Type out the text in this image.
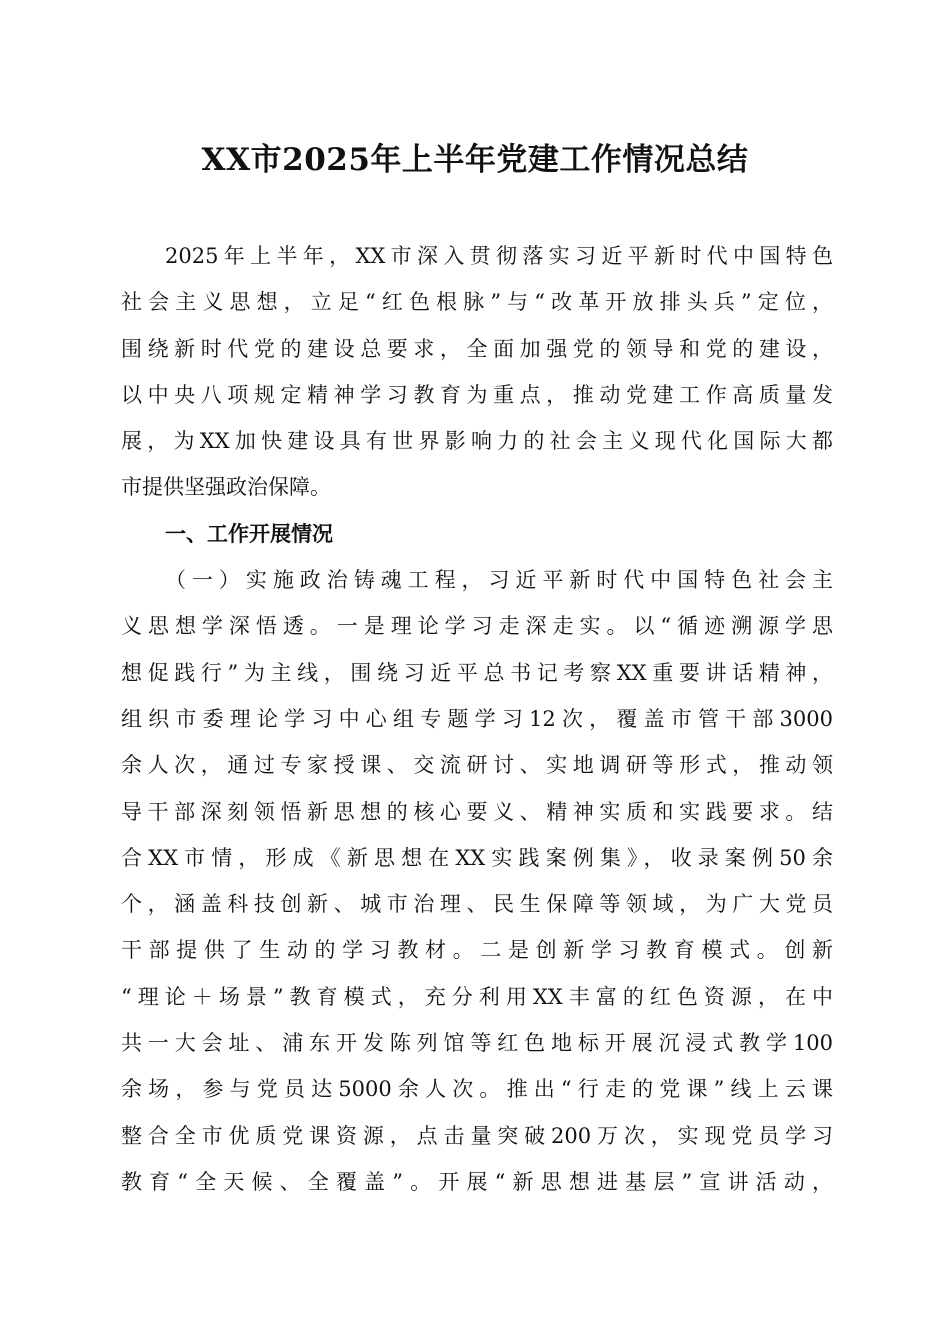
XX市2025年上半年党建工作情况总结
2025年上半年，XX市深入贯彻落实习近平新时代中国特色
社会主义思想，立足“红色根脉”与“改革开放排头兵”定位，
围绕新时代党的建设总要求，全面加强党的领导和党的建设，
以中央八项规定精神学习教育为重点，推动党建工作高质量发
展，为XX加快建设具有世界影响力的社会主义现代化国际大都
市提供坚强政治保障。
一、工作开展情况
（一）实施政治铸魂工程，习近平新时代中国特色社会主
义思想学深悟透。一是理论学习走深走实。以“循迹溯源学思
想促践行”为主线，围绕习近平总书记考察XX重要讲话精神，
组织市委理论学习中心组专题学习12次，覆盖市管干部3000
余人次，通过专家授课、交流研讨、实地调研等形式，推动领
导干部深刻领悟新思想的核心要义、精神实质和实践要求。结
合XX市情，形成《新思想在XX实践案例集》，收录案例50余
个，涵盖科技创新、城市治理、民生保障等领域，为广大党员
干部提供了生动的学习教材。二是创新学习教育模式。创新
“理论＋场景”教育模式，充分利用XX丰富的红色资源，在中
共一大会址、浦东开发陈列馆等红色地标开展沉浸式教学100
余场，参与党员达5000余人次。推出“行走的党课”线上云课
整合全市优质党课资源，点击量突破200万次，实现党员学习
教育“全天候、全覆盖”。开展“新思想进基层”宣讲活动，
